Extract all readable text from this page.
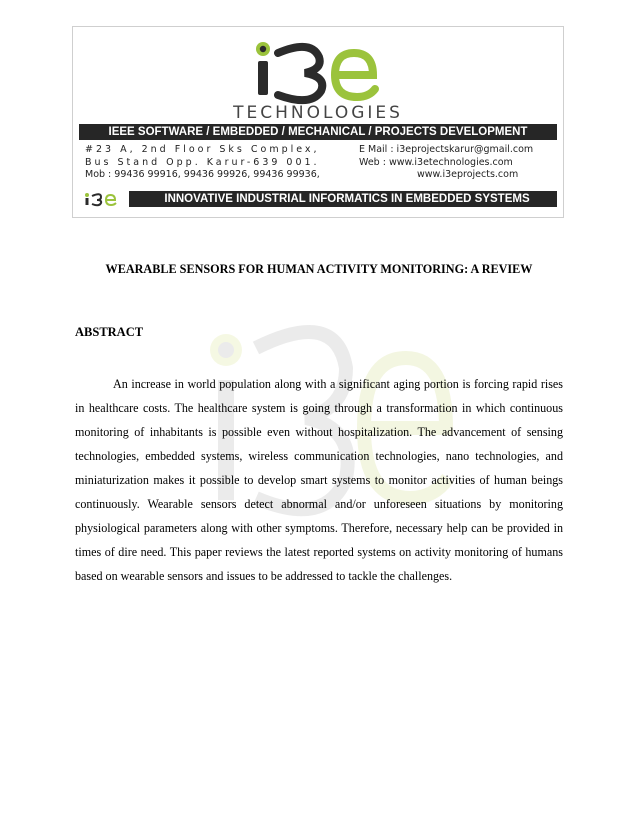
TECHNOLOGIES
IEEE SOFTWARE / EMBEDDED / MECHANICAL / PROJECTS DEVELOPMENT
#23 A, 2nd Floor Sks Complex,
Bus Stand Opp. Karur-639 001.
Mob : 99436 99916, 99436 99926, 99436 99936,
E Mail : i3eprojectskarur@gmail.com
Web : www.i3etechnologies.com
www.i3eprojects.com
INNOVATIVE INDUSTRIAL INFORMATICS IN EMBEDDED SYSTEMS
WEARABLE SENSORS FOR HUMAN ACTIVITY MONITORING: A REVIEW
ABSTRACT

An increase in world population along with a significant aging portion is forcing rapid rises in healthcare costs. The healthcare system is going through a transformation in which continuous monitoring of inhabitants is possible even without hospitalization. The advancement of sensing technologies, embedded systems, wireless communication technologies, nano technologies, and miniaturization makes it possible to develop smart systems to monitor activities of human beings continuously. Wearable sensors detect abnormal and/or unforeseen situations by monitoring physiological parameters along with other symptoms. Therefore, necessary help can be provided in times of dire need. This paper reviews the latest reported systems on activity monitoring of humans based on wearable sensors and issues to be addressed to tackle the challenges.
